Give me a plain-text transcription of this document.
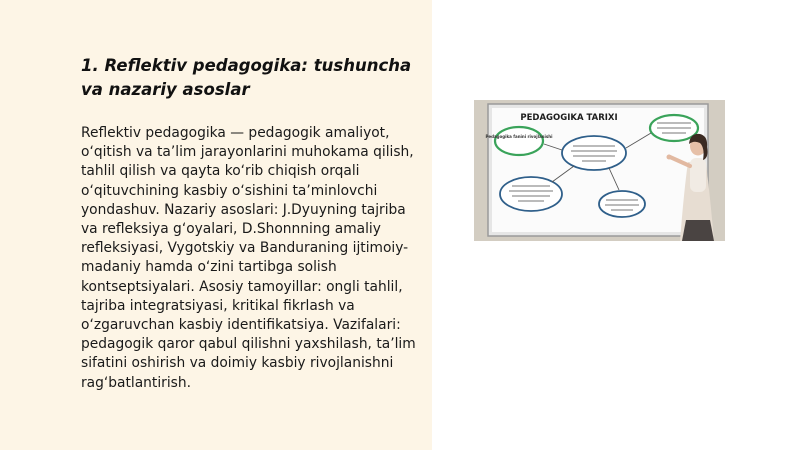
1. Reflektiv pedagogika: tushuncha va nazariy asoslar

Reflektiv pedagogika — pedagogik amaliyot, o‘qitish va ta’lim jarayonlarini muhokama qilish, tahlil qilish va qayta ko‘rib chiqish orqali o‘qituvchining kasbiy o‘sishini ta’minlovchi yondashuv. Nazariy asoslari: J.Dyuyning tajriba va refleksiya g‘oyalari, D.Shonnning amaliy refleksiyasi, Vygotskiy va Banduraning ijtimoiy-madaniy hamda o‘zini tartibga solish kontseptsiyalari. Asosiy tamoyillar: ongli tahlil, tajriba integratsiyasi, kritikal fikrlash va o‘zgaruvchan kasbiy identifikatsiya. Vazifalari: pedagogik qaror qabul qilishni yaxshilash, ta’lim sifatini oshirish va doimiy kasbiy rivojlanishni rag‘batlantirish.

PEDAGOGIKA TARIXI
Pedagogika fanini rivojlanishi
